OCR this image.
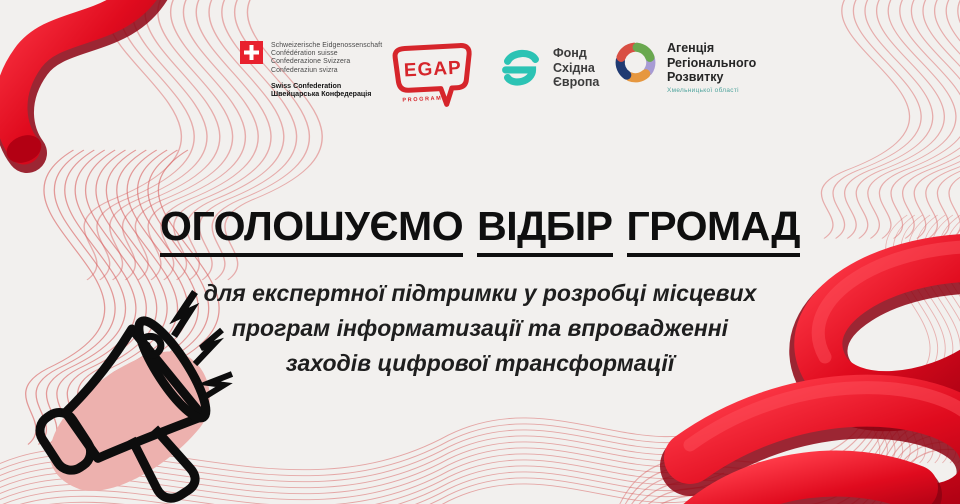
Schweizerische Eidgenossenschaft
Confédération suisse
Confederazione Svizzera
Confederaziun svizra
Swiss Confederation
Швейцарська Конфедерація
EGAP
PROGRAM
Фонд
Східна
Європа
Агенція
Регіонального
Розвитку
Хмельницької області
ОГОЛОШУЄМО ВІДБІР ГРОМАД
для експертної підтримки у розробці місцевих
програм інформатизації та впровадженні
заходів цифрової трансформації
